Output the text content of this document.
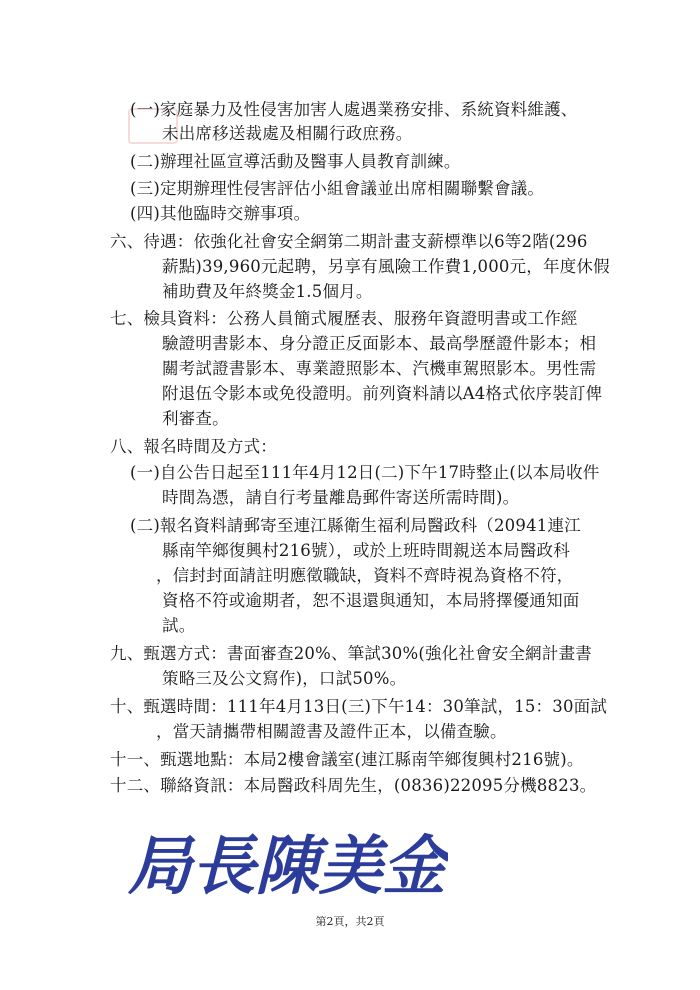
(一)家庭暴力及性侵害加害人處遇業務安排、系統資料維護、
未出席移送裁處及相關行政庶務。
(二)辦理社區宣導活動及醫事人員教育訓練。
(三)定期辦理性侵害評估小組會議並出席相關聯繫會議。
(四)其他臨時交辦事項。
六、待遇：依強化社會安全網第二期計畫支薪標準以6等2階(296
薪點)39,960元起聘，另享有風險工作費1,000元，年度休假
補助費及年終獎金1.5個月。
七、檢具資料：公務人員簡式履歷表、服務年資證明書或工作經
驗證明書影本、身分證正反面影本、最高學歷證件影本；相
關考試證書影本、專業證照影本、汽機車駕照影本。男性需
附退伍令影本或免役證明。前列資料請以A4格式依序裝訂俾
利審查。
八、報名時間及方式：
(一)自公告日起至111年4月12日(二)下午17時整止(以本局收件
時間為憑，請自行考量離島郵件寄送所需時間)。
(二)報名資料請郵寄至連江縣衛生福利局醫政科（20941連江
縣南竿鄉復興村216號），或於上班時間親送本局醫政科
，信封封面請註明應徵職缺，資料不齊時視為資格不符，
資格不符或逾期者，恕不退還與通知，本局將擇優通知面
試。
九、甄選方式：書面審查20%、筆試30%(強化社會安全網計畫書
策略三及公文寫作)，口試50%。
十、甄選時間：111年4月13日(三)下午14：30筆試，15：30面試
，當天請攜帶相關證書及證件正本，以備查驗。
十一、甄選地點：本局2樓會議室(連江縣南竿鄉復興村216號)。
十二、聯絡資訊：本局醫政科周先生，(0836)22095分機8823。
局長陳美金
第2頁，共2頁
